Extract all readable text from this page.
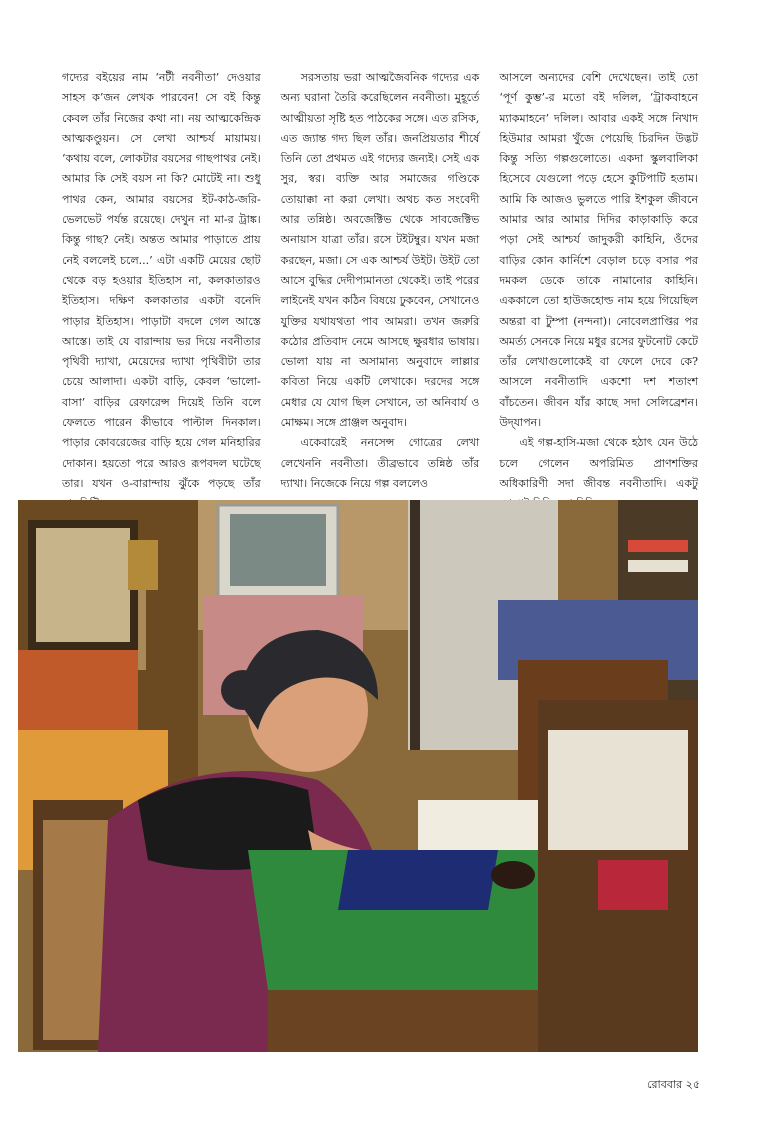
গদ্যের বইয়ের নাম ‘নটী নবনীতা’ দেওয়ার সাহস ক’জন লেখক পারবেন! সে বই কিন্তু কেবল তাঁর নিজের কথা না। নয় আত্মকেন্দ্রিক আত্মকণ্ডুয়ন। সে লেখা আশ্চর্য মায়াময়। ‘কথায় বলে, লোকটার বয়সের গাছপাথর নেই। আমার কি সেই বয়স না কি? মোটেই না। শুধু পাথর কেন, আমার বয়সের ইট-কাঠ-জরি-ভেলভেট পর্যন্ত রয়েছে। দেখুন না মা-র ট্রাঙ্ক। কিন্তু গাছ? নেই। অন্তত আমার পাড়াতে প্রায় নেই বললেই চলে...’ এটা একটি মেয়ের ছোট থেকে বড় হওয়ার ইতিহাস না, কলকাতারও ইতিহাস। দক্ষিণ কলকাতার একটা বনেদি পাড়ার ইতিহাস। পাড়াটা বদলে গেল আস্তে আস্তে। তাই যে বারান্দায় ভর দিয়ে নবনীতার পৃথিবী দ্যাখা, মেয়েদের দ্যাখা পৃথিবীটা তার চেয়ে আলাদা। একটা বাড়ি, কেবল ‘ভালো-বাসা’ বাড়ির রেফারেন্স দিয়েই তিনি বলে ফেলতে পারেন কীভাবে পাল্টাল দিনকাল। পাড়ার কোবরেজের বাড়ি হয়ে গেল মনিহারির দোকান। হয়তো পরে আরও রূপবদল ঘটেছে তার। যখন ও-বারান্দায় ঝুঁকে পড়ছে তাঁর

সরসতায় ভরা আত্মজৈবনিক গদ্যের এক অন্য ঘরানা তৈরি করেছিলেন নবনীতা। মুহূর্তে আত্মীয়তা সৃষ্টি হত পাঠকের সঙ্গে। এত রসিক, এত জ্যান্ত গদ্য ছিল তাঁর। জনপ্রিয়তার শীর্ষে তিনি তো প্রথমত এই গদ্যের জন্যই। সেই এক সুর, স্বর। ব্যক্তি আর সমাজের গণ্ডিকে তোয়াক্কা না করা লেখা। অথচ কত সংবেদী আর তন্নিষ্ঠ। অবজেক্টিভ থেকে সাবজেক্টিভ অনায়াস যাত্রা তাঁর। রসে টইটম্বুর। যখন মজা করছেন, মজা। সে এক আশ্চর্য উইট। উইট তো আসে বুদ্ধির দেদীপ্যমানতা থেকেই। তাই পরের লাইনেই যখন কঠিন বিষয়ে ঢুকবেন, সেখানেও যুক্তির যথাযথতা পাব আমরা। তখন জরুরি কঠোর প্রতিবাদ নেমে আসছে ক্ষুরধার ভাষায়। ভোলা যায় না অসামান্য অনুবাদে লাল্লার কবিতা নিয়ে একটি লেখাকে। দরদের সঙ্গে মেধার যে যোগ ছিল সেখানে, তা অনিবার্য ও মোক্ষম। সঙ্গে প্রাঞ্জল অনুবাদ।

একেবারেই ননসেন্স গোত্রের লেখা লেখেননি নবনীতা। তীব্রভাবে তন্নিষ্ঠ তাঁর দ্যাখা। নিজেকে নিয়ে গল্প বললেও

আসলে অন্যদের বেশি দেখেছেন। তাই তো ‘পূর্ণ কুম্ভ’-র মতো বই দলিল, ‘ট্রাকবাহনে ম্যাকমাহনে’ দলিল। আবার একই সঙ্গে নিখাদ হিউমার আমরা খুঁজে পেয়েছি চিরদিন উদ্ভট কিন্তু সত্যি গল্পগুলোতে। একদা স্কুলবালিকা হিসেবে যেগুলো পড়ে হেসে কুটিপাটি হতাম। আমি কি আজও ভুলতে পারি ইশকুল জীবনে আমার আর আমার দিদির কাড়াকাড়ি করে পড়া সেই আশ্চর্য জাদুকরী কাহিনি, ওঁদের বাড়ির কোন কার্নিশে বেড়াল চড়ে বসার পর দমকল ডেকে তাকে নামানোর কাহিনি। এককালে তো হাউজহোল্ড নাম হয়ে গিয়েছিল অন্তরা বা টুম্পা (নন্দনা)। নোবেলপ্রাপ্তির পর অমর্ত্য সেনকে নিয়ে মধুর রসের ফুটনোট কেটে তাঁর লেখাগুলোকেই বা ফেলে দেবে কে? আসলে নবনীতাদি একশো দশ শতাংশ বাঁচতেন। জীবন যাঁর কাছে সদা সেলিব্রেশন। উদ্‌যাপন।

এই গল্প-হাসি-মজা থেকে হঠাৎ যেন উঠে চলে গেলেন অপরিমিত প্রাণশক্তির অধিকারিণী সদা জীবন্ত নবনীতাদি। একটু

রোববার ২৫
